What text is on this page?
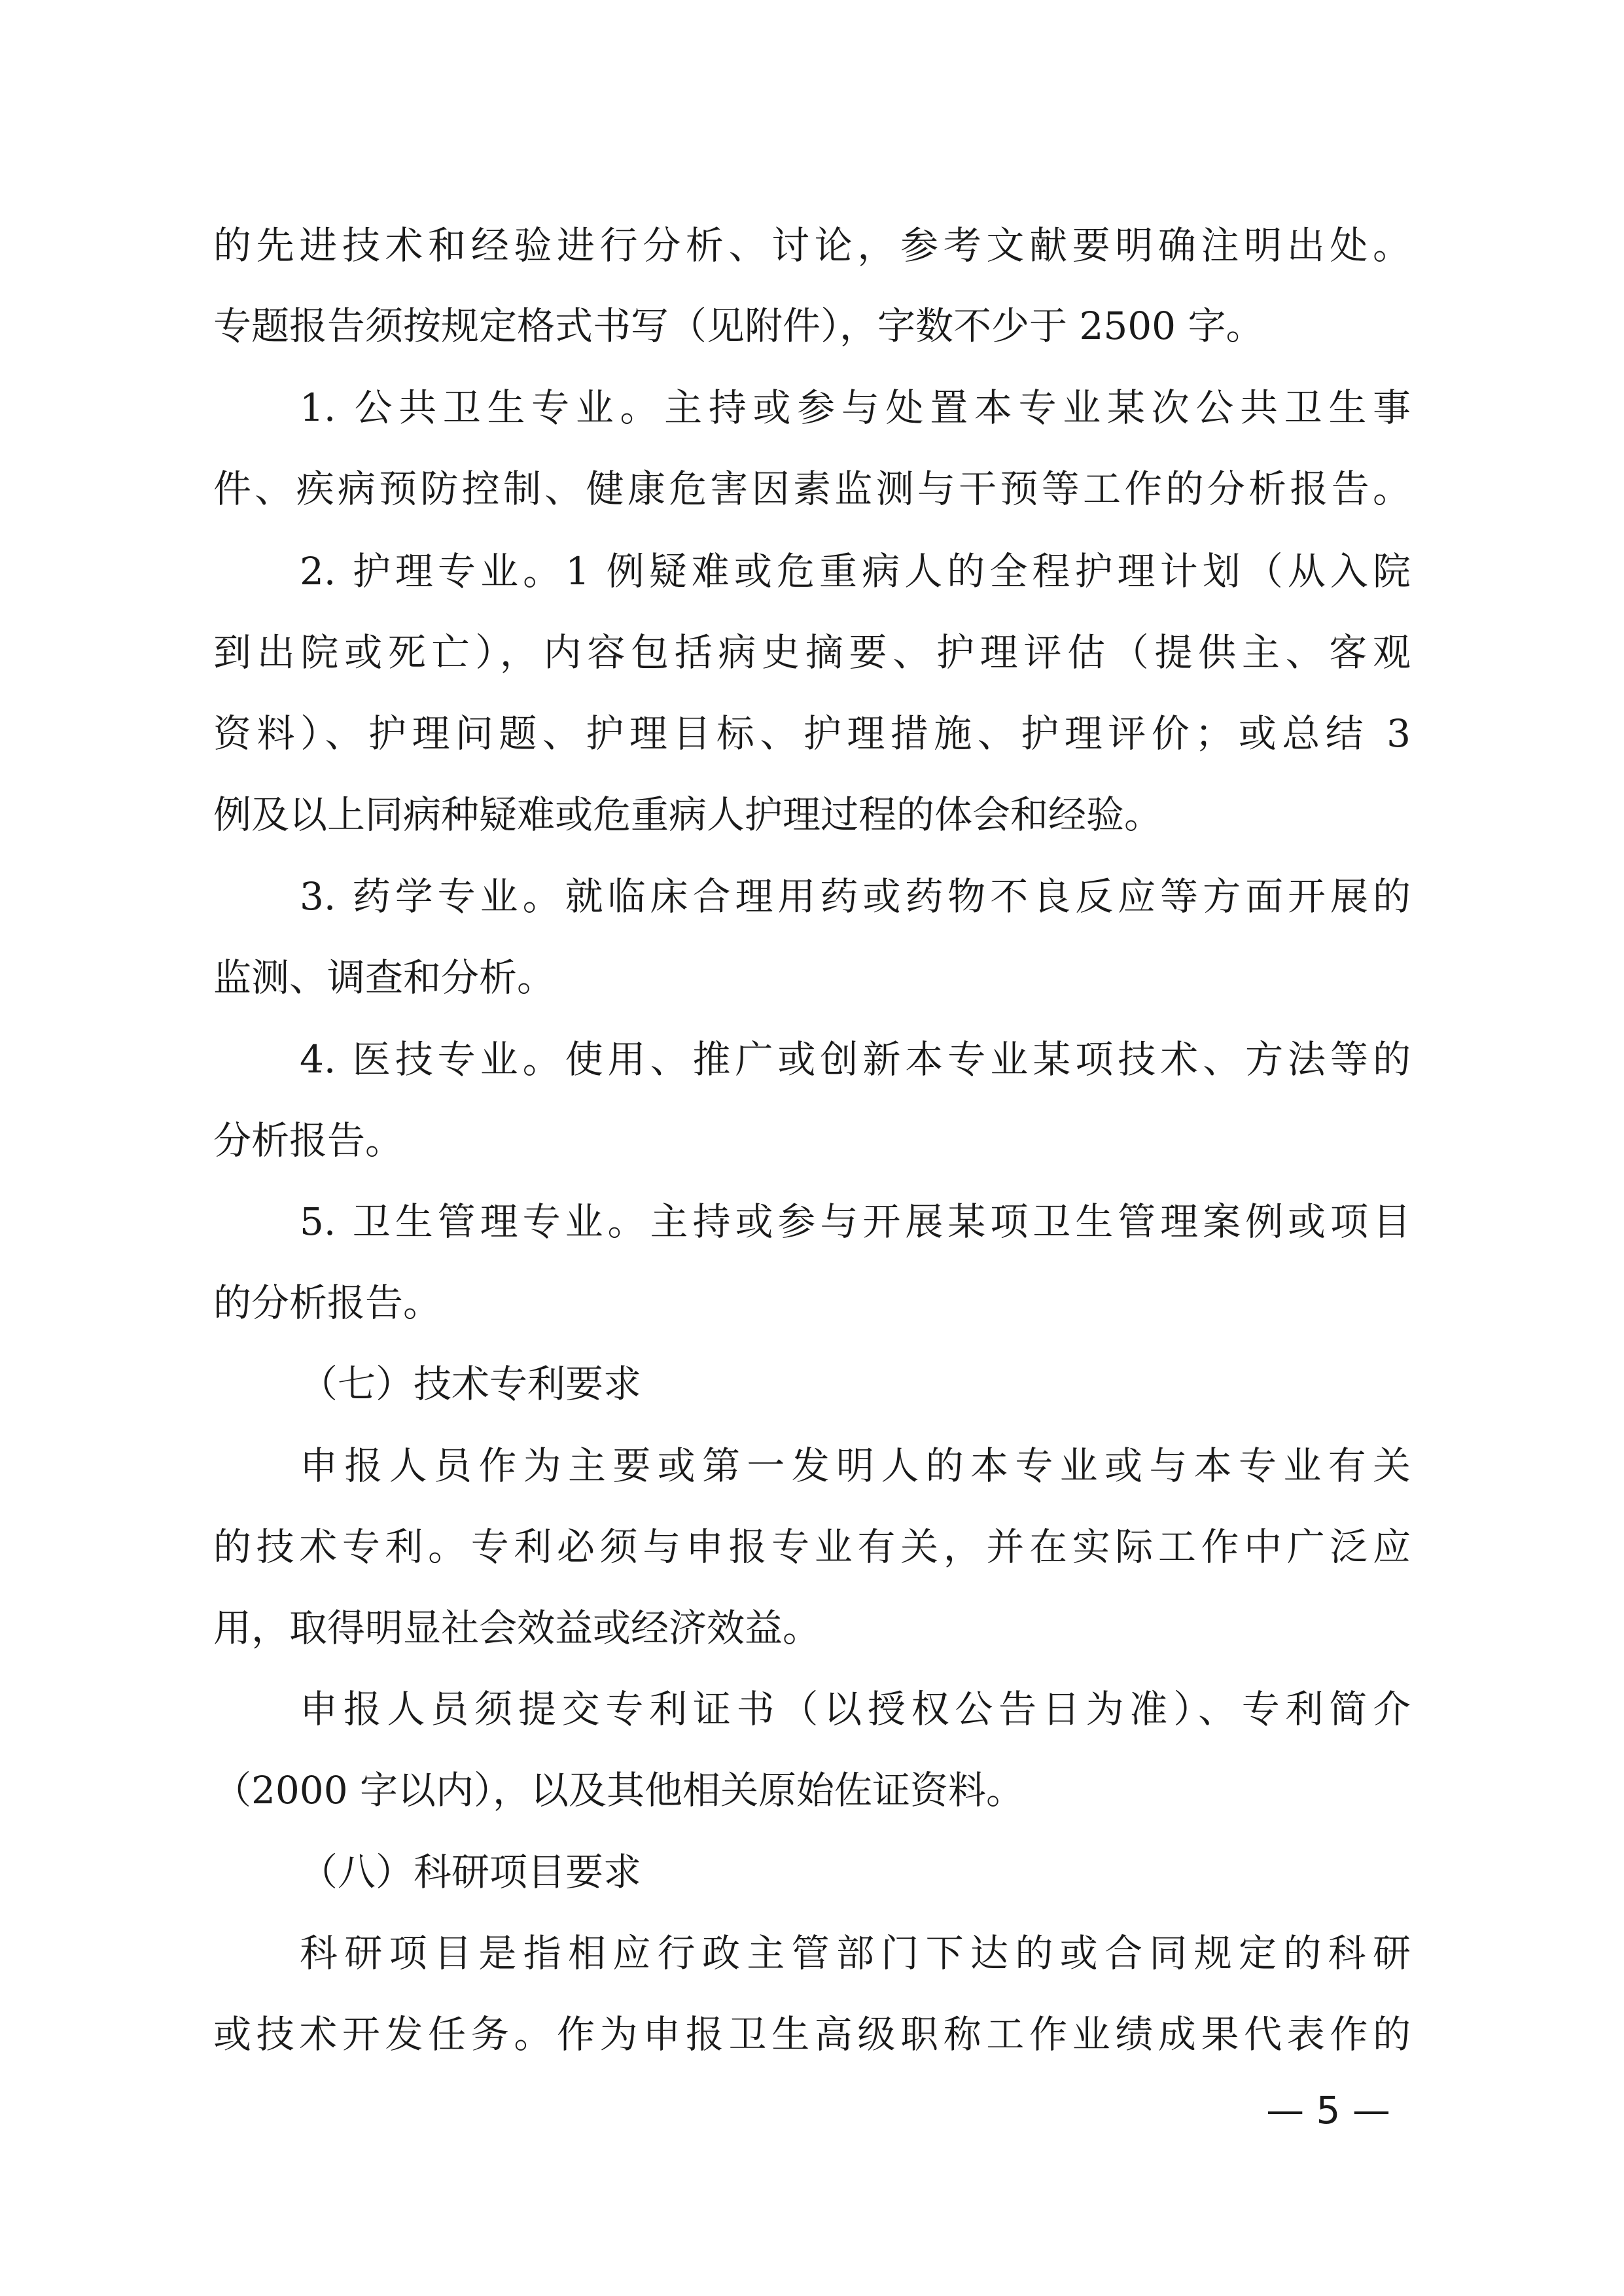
的先进技术和经验进行分析、讨论，参考文献要明确注明出处。
专题报告须按规定格式书写（见附件），字数不少于 2500 字。
1. 公共卫生专业。主持或参与处置本专业某次公共卫生事
件、疾病预防控制、健康危害因素监测与干预等工作的分析报告。
2. 护理专业。1 例疑难或危重病人的全程护理计划（从入院
到出院或死亡），内容包括病史摘要、护理评估（提供主、客观
资料）、护理问题、护理目标、护理措施、护理评价；或总结 3
例及以上同病种疑难或危重病人护理过程的体会和经验。
3. 药学专业。就临床合理用药或药物不良反应等方面开展的
监测、调查和分析。
4. 医技专业。使用、推广或创新本专业某项技术、方法等的
分析报告。
5. 卫生管理专业。主持或参与开展某项卫生管理案例或项目
的分析报告。
（七）技术专利要求
申报人员作为主要或第一发明人的本专业或与本专业有关
的技术专利。专利必须与申报专业有关，并在实际工作中广泛应
用，取得明显社会效益或经济效益。
申报人员须提交专利证书（以授权公告日为准）、专利简介
（2000 字以内），以及其他相关原始佐证资料。
（八）科研项目要求
科研项目是指相应行政主管部门下达的或合同规定的科研
或技术开发任务。作为申报卫生高级职称工作业绩成果代表作的
— 5 —
